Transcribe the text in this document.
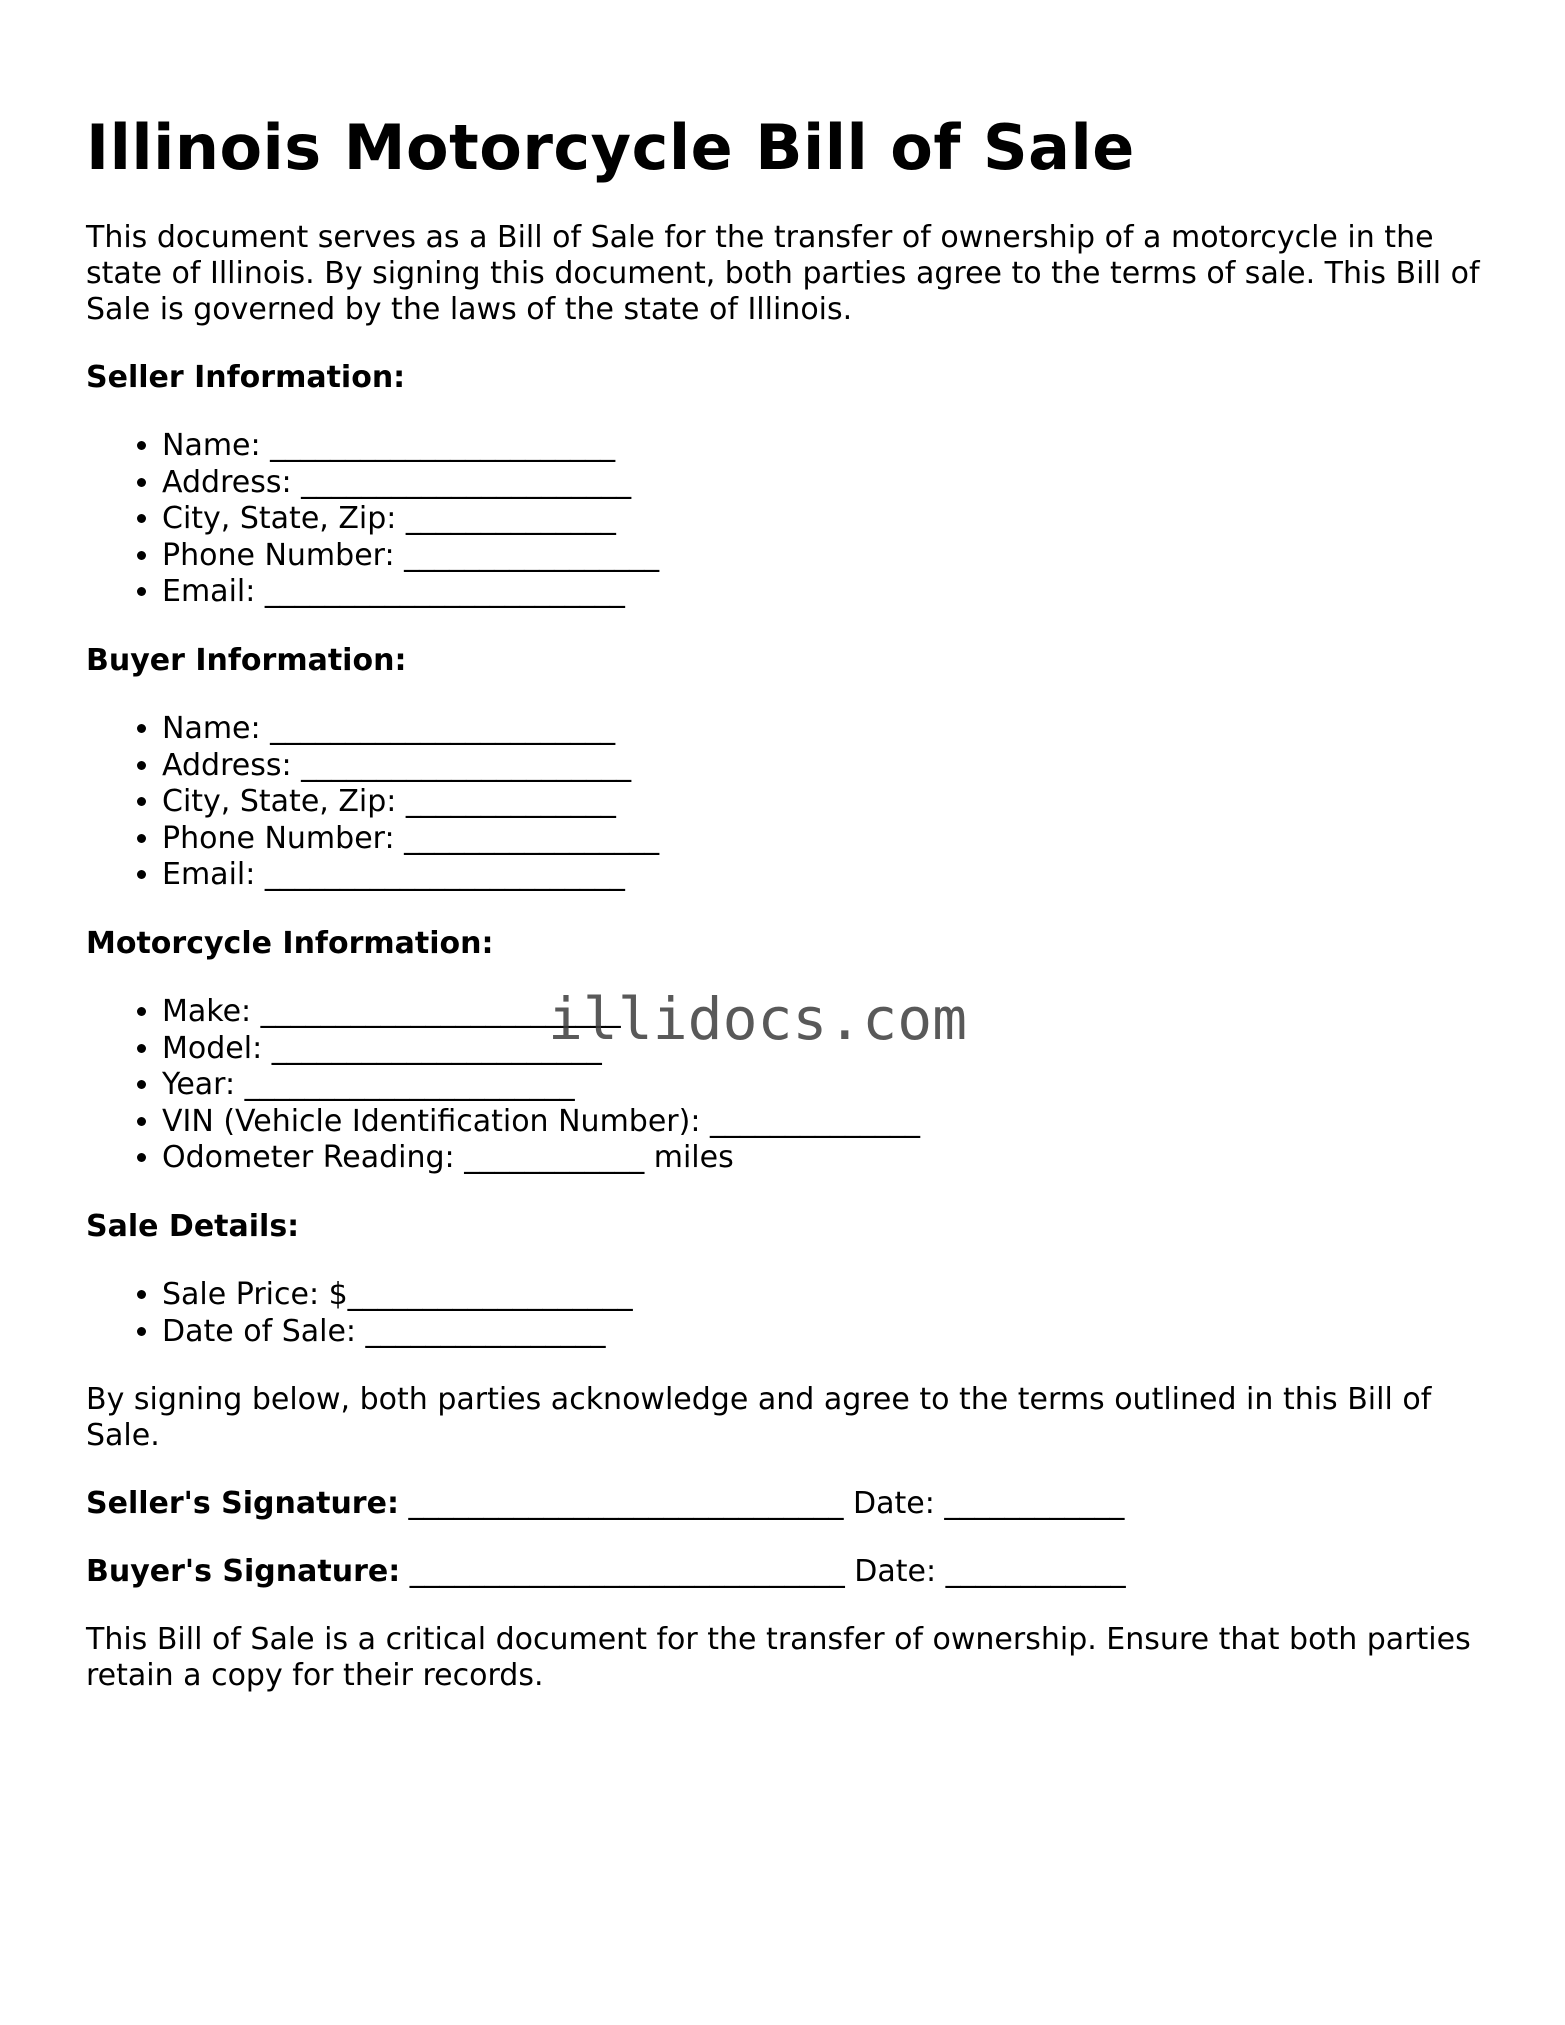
Illinois Motorcycle Bill of Sale

This document serves as a Bill of Sale for the transfer of ownership of a motorcycle in the state of Illinois. By signing this document, both parties agree to the terms of sale. This Bill of Sale is governed by the laws of the state of Illinois.

Seller Information:

• Name: _______________________
• Address: ______________________
• City, State, Zip: ______________
• Phone Number: _________________
• Email: ________________________

Buyer Information:

• Name: _______________________
• Address: ______________________
• City, State, Zip: ______________
• Phone Number: _________________
• Email: ________________________

Motorcycle Information:

• Make: ________________________
• Model: ______________________
• Year: ______________________
• VIN (Vehicle Identification Number): ______________
• Odometer Reading: ____________ miles

Sale Details:

• Sale Price: $___________________
• Date of Sale: ________________

By signing below, both parties acknowledge and agree to the terms outlined in this Bill of Sale.

Seller's Signature: _____________________________ Date: ____________

Buyer's Signature: _____________________________ Date: ____________

This Bill of Sale is a critical document for the transfer of ownership. Ensure that both parties retain a copy for their records.

illidocs.com
